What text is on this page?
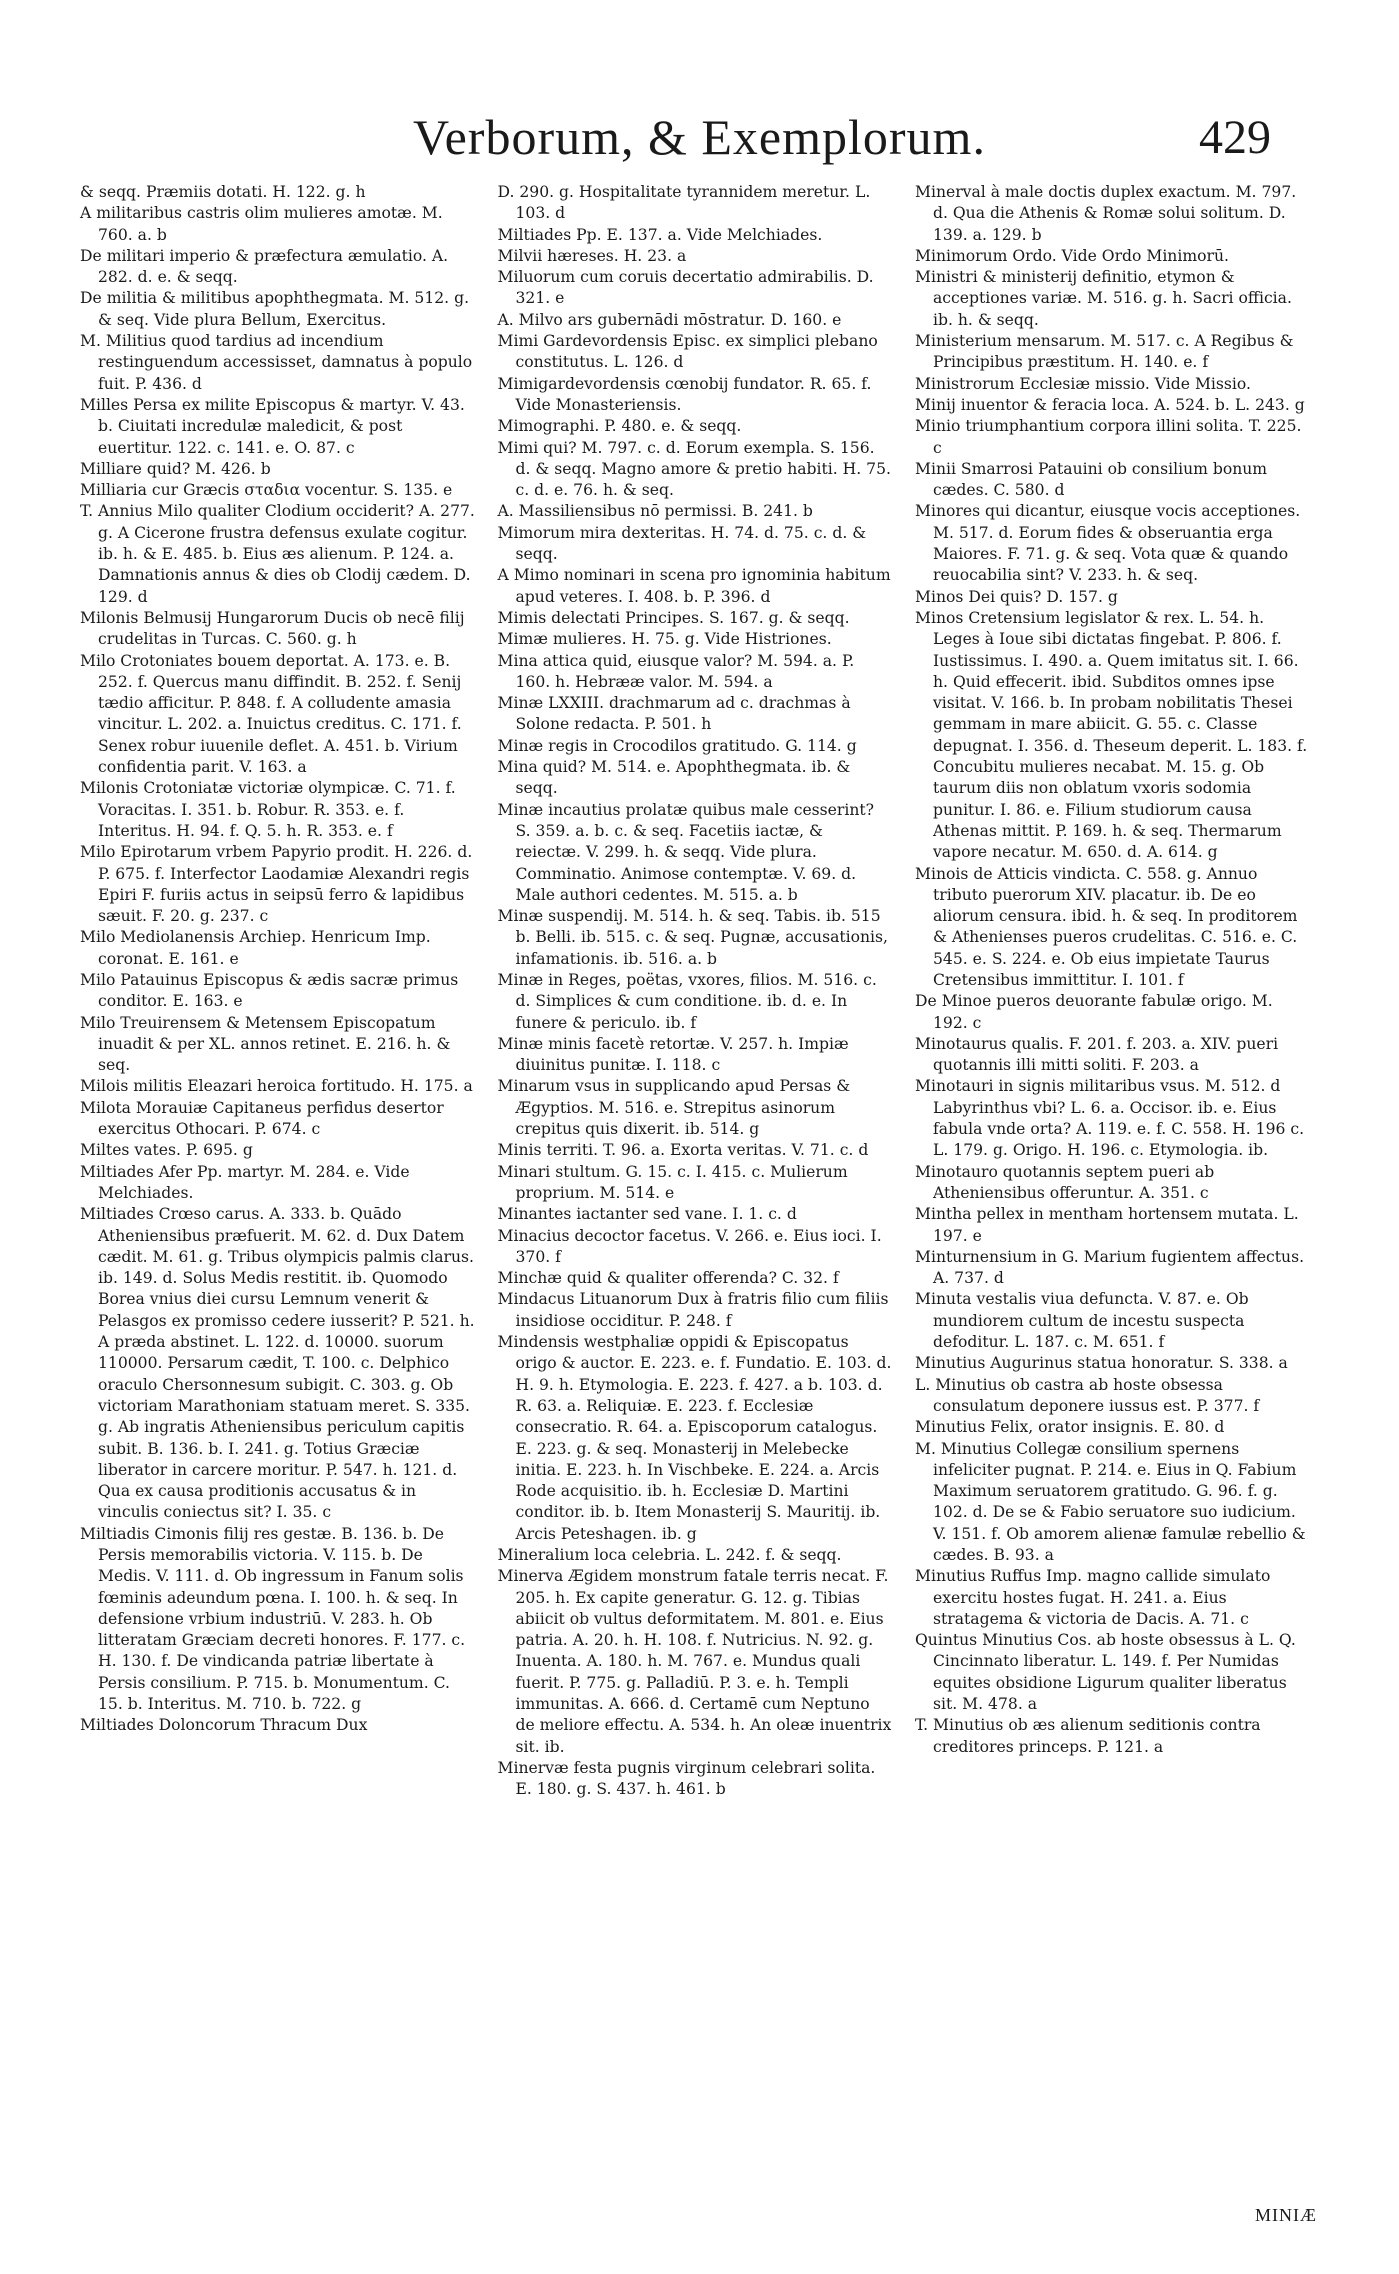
Verborum, & Exemplorum.	429

& seqq. Præmiis dotati. H. 122. g. h

A militaribus castris olim mulieres amotæ. M. 760. a. b

De militari imperio & præfectura æmulatio. A. 282. d. e. & seqq.

De militia & militibus apophthegmata. M. 512. g. & seq. Vide plura Bellum, Exercitus.

M. Militius quod tardius ad incendium restinguendum accessisset, damnatus à populo fuit. P. 436. d

Milles Persa ex milite Episcopus & martyr. V. 43. b. Ciuitati incredulæ maledicit, & post euertitur. 122. c. 141. e. O. 87. c

Milliare quid? M. 426. b

Milliaria cur Græcis σταδια vocentur. S. 135. e

T. Annius Milo qualiter Clodium occiderit? A. 277. g. A Cicerone frustra defensus exulate cogitur. ib. h. & E. 485. b. Eius æs alienum. P. 124. a. Damnationis annus & dies ob Clodij cædem. D. 129. d

Milonis Belmusij Hungarorum Ducis ob necē filij crudelitas in Turcas. C. 560. g. h

Milo Crotoniates bouem deportat. A. 173. e. B. 252. f. Quercus manu diffindit. B. 252. f. Senij tædio afficitur. P. 848. f. A colludente amasia vincitur. L. 202. a. Inuictus creditus. C. 171. f. Senex robur iuuenile deflet. A. 451. b. Virium confidentia parit. V. 163. a

Milonis Crotoniatæ victoriæ olympicæ. C. 71. f. Voracitas. I. 351. b. Robur. R. 353. e. f. Interitus. H. 94. f. Q. 5. h. R. 353. e. f

Milo Epirotarum vrbem Papyrio prodit. H. 226. d. P. 675. f. Interfector Laodamiæ Alexandri regis Epiri F. furiis actus in seipsū ferro & lapidibus sæuit. F. 20. g. 237. c

Milo Mediolanensis Archiep. Henricum Imp. coronat. E. 161. e

Milo Patauinus Episcopus & ædis sacræ primus conditor. E. 163. e

Milo Treuirensem & Metensem Episcopatum inuadit & per XL. annos retinet. E. 216. h. & seq.

Milois militis Eleazari heroica fortitudo. H. 175. a

Milota Morauiæ Capitaneus perfidus desertor exercitus Othocari. P. 674. c

Miltes vates. P. 695. g

Miltiades Afer Pp. martyr. M. 284. e. Vide Melchiades.

Miltiades Crœso carus. A. 333. b. Quādo Atheniensibus præfuerit. M. 62. d. Dux Datem cædit. M. 61. g. Tribus olympicis palmis clarus. ib. 149. d. Solus Medis restitit. ib. Quomodo Borea vnius diei cursu Lemnum venerit & Pelasgos ex promisso cedere iusserit? P. 521. h. A præda abstinet. L. 122. d. 10000. suorum 110000. Persarum cædit, T. 100. c. Delphico oraculo Chersonnesum subigit. C. 303. g. Ob victoriam Marathoniam statuam meret. S. 335. g. Ab ingratis Atheniensibus periculum capitis subit. B. 136. b. I. 241. g. Totius Græciæ liberator in carcere moritur. P. 547. h. 121. d. Qua ex causa proditionis accusatus & in vinculis coniectus sit? I. 35. c

Miltiadis Cimonis filij res gestæ. B. 136. b. De Persis memorabilis victoria. V. 115. b. De Medis. V. 111. d. Ob ingressum in Fanum solis fœminis adeundum pœna. I. 100. h. & seq. In defensione vrbium industriū. V. 283. h. Ob litteratam Græciam decreti honores. F. 177. c. H. 130. f. De vindicanda patriæ libertate à Persis consilium. P. 715. b. Monumentum. C. 15. b. Interitus. M. 710. b. 722. g

Miltiades Doloncorum Thracum Dux

D. 290. g. Hospitalitate tyrannidem meretur. L. 103. d

Miltiades Pp. E. 137. a. Vide Melchiades.

Milvii hæreses. H. 23. a

Miluorum cum coruis decertatio admirabilis. D. 321. e

A. Milvo ars gubernādi mōstratur. D. 160. e

Mimi Gardevordensis Episc. ex simplici plebano constitutus. L. 126. d

Mimigardevordensis cœnobij fundator. R. 65. f. Vide Monasteriensis.

Mimographi. P. 480. e. & seqq.

Mimi qui? M. 797. c. d. Eorum exempla. S. 156. d. & seqq. Magno amore & pretio habiti. H. 75. c. d. e. 76. h. & seq.

A. Massiliensibus nō permissi. B. 241. b

Mimorum mira dexteritas. H. 74. d. 75. c. d. & seqq.

A Mimo nominari in scena pro ignominia habitum apud veteres. I. 408. b. P. 396. d

Mimis delectati Principes. S. 167. g. & seqq.

Mimæ mulieres. H. 75. g. Vide Histriones.

Mina attica quid, eiusque valor? M. 594. a. P. 160. h. Hebrææ valor. M. 594. a

Minæ LXXIII. drachmarum ad c. drachmas à Solone redacta. P. 501. h

Minæ regis in Crocodilos gratitudo. G. 114. g

Mina quid? M. 514. e. Apophthegmata. ib. & seqq.

Minæ incautius prolatæ quibus male cesserint? S. 359. a. b. c. & seq. Facetiis iactæ, & reiectæ. V. 299. h. & seqq. Vide plura. Comminatio. Animose contemptæ. V. 69. d. Male authori cedentes. M. 515. a. b

Minæ suspendij. M. 514. h. & seq. Tabis. ib. 515 b. Belli. ib. 515. c. & seq. Pugnæ, accusationis, infamationis. ib. 516. a. b

Minæ in Reges, poëtas, vxores, filios. M. 516. c. d. Simplices & cum conditione. ib. d. e. In funere & periculo. ib. f

Minæ minis facetè retortæ. V. 257. h. Impiæ diuinitus punitæ. I. 118. c

Minarum vsus in supplicando apud Persas & Ægyptios. M. 516. e. Strepitus asinorum crepitus quis dixerit. ib. 514. g

Minis territi. T. 96. a. Exorta veritas. V. 71. c. d

Minari stultum. G. 15. c. I. 415. c. Mulierum proprium. M. 514. e

Minantes iactanter sed vane. I. 1. c. d

Minacius decoctor facetus. V. 266. e. Eius ioci. I. 370. f

Minchæ quid & qualiter offerenda? C. 32. f

Mindacus Lituanorum Dux à fratris filio cum filiis insidiose occiditur. P. 248. f

Mindensis westphaliæ oppidi & Episcopatus origo & auctor. E. 223. e. f. Fundatio. E. 103. d. H. 9. h. Etymologia. E. 223. f. 427. a b. 103. d. R. 63. a. Reliquiæ. E. 223. f. Ecclesiæ consecratio. R. 64. a. Episcoporum catalogus. E. 223. g. & seq. Monasterij in Melebecke initia. E. 223. h. In Vischbeke. E. 224. a. Arcis Rode acquisitio. ib. h. Ecclesiæ D. Martini conditor. ib. b. Item Monasterij S. Mauritij. ib. Arcis Peteshagen. ib. g

Mineralium loca celebria. L. 242. f. & seqq.

Minerva Ægidem monstrum fatale terris necat. F. 205. h. Ex capite generatur. G. 12. g. Tibias abiicit ob vultus deformitatem. M. 801. e. Eius patria. A. 20. h. H. 108. f. Nutricius. N. 92. g. Inuenta. A. 180. h. M. 767. e. Mundus quali fuerit. P. 775. g. Palladiū. P. 3. e. h. Templi immunitas. A. 666. d. Certamē cum Neptuno de meliore effectu. A. 534. h. An oleæ inuentrix sit. ib.

Minervæ festa pugnis virginum celebrari solita. E. 180. g. S. 437. h. 461. b

Minerval à male doctis duplex exactum. M. 797. d. Qua die Athenis & Romæ solui solitum. D. 139. a. 129. b

Minimorum Ordo. Vide Ordo Minimorū.

Ministri & ministerij definitio, etymon & acceptiones variæ. M. 516. g. h. Sacri officia. ib. h. & seqq.

Ministerium mensarum. M. 517. c. A Regibus & Principibus præstitum. H. 140. e. f

Ministrorum Ecclesiæ missio. Vide Missio.

Minij inuentor & feracia loca. A. 524. b. L. 243. g

Minio triumphantium corpora illini solita. T. 225. c

Minii Smarrosi Patauini ob consilium bonum cædes. C. 580. d

Minores qui dicantur, eiusque vocis acceptiones. M. 517. d. Eorum fides & obseruantia erga Maiores. F. 71. g. & seq. Vota quæ & quando reuocabilia sint? V. 233. h. & seq.

Minos Dei quis? D. 157. g

Minos Cretensium legislator & rex. L. 54. h. Leges à Ioue sibi dictatas fingebat. P. 806. f. Iustissimus. I. 490. a. Quem imitatus sit. I. 66. h. Quid effecerit. ibid. Subditos omnes ipse visitat. V. 166. b. In probam nobilitatis Thesei gemmam in mare abiicit. G. 55. c. Classe depugnat. I. 356. d. Theseum deperit. L. 183. f. Concubitu mulieres necabat. M. 15. g. Ob taurum diis non oblatum vxoris sodomia punitur. I. 86. e. Filium studiorum causa Athenas mittit. P. 169. h. & seq. Thermarum vapore necatur. M. 650. d. A. 614. g

Minois de Atticis vindicta. C. 558. g. Annuo tributo puerorum XIV. placatur. ib. De eo aliorum censura. ibid. h. & seq. In proditorem & Athenienses pueros crudelitas. C. 516. e. C. 545. e. S. 224. e. Ob eius impietate Taurus Cretensibus immittitur. I. 101. f

De Minoe pueros deuorante fabulæ origo. M. 192. c

Minotaurus qualis. F. 201. f. 203. a. XIV. pueri quotannis illi mitti soliti. F. 203. a

Minotauri in signis militaribus vsus. M. 512. d Labyrinthus vbi? L. 6. a. Occisor. ib. e. Eius fabula vnde orta? A. 119. e. f. C. 558. H. 196 c. L. 179. g. Origo. H. 196. c. Etymologia. ib.

Minotauro quotannis septem pueri ab Atheniensibus offeruntur. A. 351. c

Mintha pellex in mentham hortensem mutata. L. 197. e

Minturnensium in G. Marium fugientem affectus. A. 737. d

Minuta vestalis viua defuncta. V. 87. e. Ob mundiorem cultum de incestu suspecta defoditur. L. 187. c. M. 651. f

Minutius Augurinus statua honoratur. S. 338. a

L. Minutius ob castra ab hoste obsessa consulatum deponere iussus est. P. 377. f

Minutius Felix, orator insignis. E. 80. d

M. Minutius Collegæ consilium spernens infeliciter pugnat. P. 214. e. Eius in Q. Fabium Maximum seruatorem gratitudo. G. 96. f. g. 102. d. De se & Fabio seruatore suo iudicium. V. 151. f. Ob amorem alienæ famulæ rebellio & cædes. B. 93. a

Minutius Ruffus Imp. magno callide simulato exercitu hostes fugat. H. 241. a. Eius stratagema & victoria de Dacis. A. 71. c

Quintus Minutius Cos. ab hoste obsessus à L. Q. Cincinnato liberatur. L. 149. f. Per Numidas equites obsidione Ligurum qualiter liberatus sit. M. 478. a

T. Minutius ob æs alienum seditionis contra creditores princeps. P. 121. a

MINIÆ
